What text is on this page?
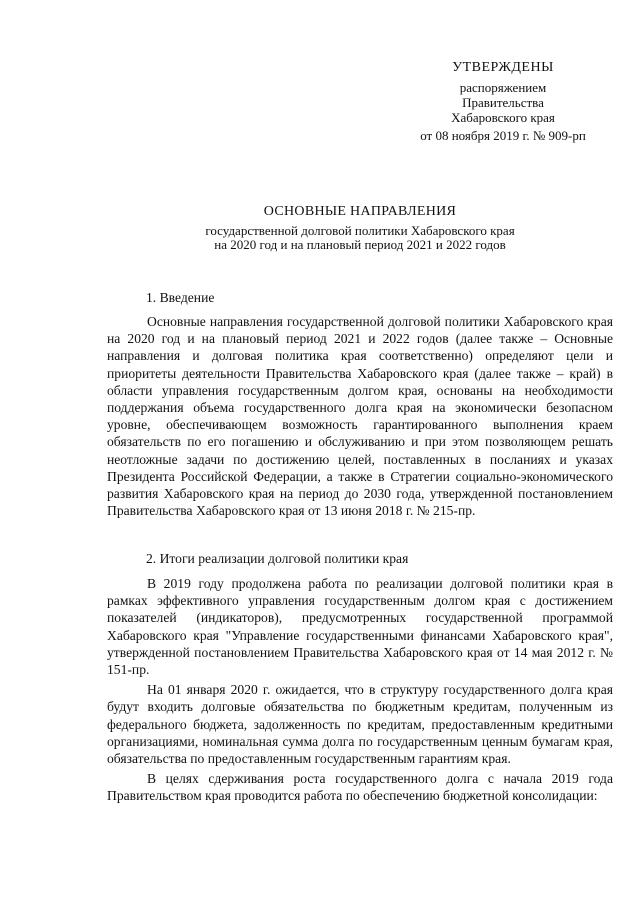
УТВЕРЖДЕНЫ
распоряжением
Правительства
Хабаровского края
от 08 ноября 2019 г. № 909-рп
ОСНОВНЫЕ НАПРАВЛЕНИЯ
государственной долговой политики Хабаровского края
на 2020 год и на плановый период 2021 и 2022 годов
1. Введение

Основные направления государственной долговой политики Хабаровского края на 2020 год и на плановый период 2021 и 2022 годов (далее также – Основные направления и долговая политика края соответственно) определяют цели и приоритеты деятельности Правительства Хабаровского края (далее также – край) в области управления государственным долгом края, основаны на необходимости поддержания объема государственного долга края на экономически безопасном уровне, обеспечивающем возможность гарантированного выполнения краем обязательств по его погашению и обслуживанию и при этом позволяющем решать неотложные задачи по достижению целей, поставленных в посланиях и указах Президента Российской Федерации, а также в Стратегии социально-экономического развития Хабаровского края на период до 2030 года, утвержденной постановлением Правительства Хабаровского края от 13 июня 2018 г. № 215-пр.

2. Итоги реализации долговой политики края

В 2019 году продолжена работа по реализации долговой политики края в рамках эффективного управления государственным долгом края с достижением показателей (индикаторов), предусмотренных государственной программой Хабаровского края "Управление государственными финансами Хабаровского края", утвержденной постановлением Правительства Хабаровского края от 14 мая 2012 г. № 151-пр.

На 01 января 2020 г. ожидается, что в структуру государственного долга края будут входить долговые обязательства по бюджетным кредитам, полученным из федерального бюджета, задолженность по кредитам, предоставленным кредитными организациями, номинальная сумма долга по государственным ценным бумагам края, обязательства по предоставленным государственным гарантиям края.

В целях сдерживания роста государственного долга с начала 2019 года Правительством края проводится работа по обеспечению бюджетной консолидации:
